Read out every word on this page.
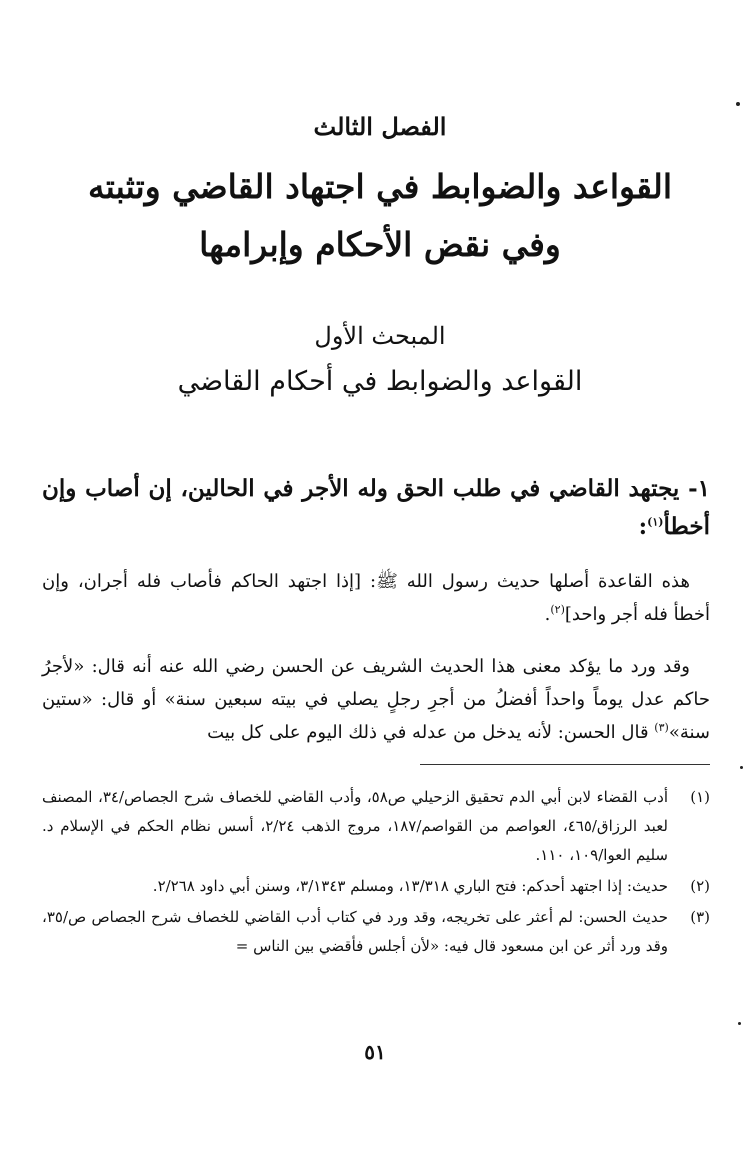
الفصل الثالث
القواعد والضوابط في اجتهاد القاضي وتثبته
وفي نقض الأحكام وإبرامها
المبحث الأول
القواعد والضوابط في أحكام القاضي
١- يجتهد القاضي في طلب الحق وله الأجر في الحالين، إن أصاب وإن أخطأ$^{(١)}$:
هذه القاعدة أصلها حديث رسول الله ﷺ: [إذا اجتهد الحاكم فأصاب فله أجران، وإن أخطأ فله أجر واحد]$^{(٢)}$.
وقد ورد ما يؤكد معنى هذا الحديث الشريف عن الحسن رضي الله عنه أنه قال: «لأجرُ حاكم عدل يوماً واحداً أفضلُ من أجرِ رجلٍ يصلي في بيته سبعين سنة» أو قال: «ستين سنة»$^{(٣)}$ قال الحسن: لأنه يدخل من عدله في ذلك اليوم على كل بيت
(١)
أدب القضاء لابن أبي الدم تحقيق الزحيلي ص٥٨، وأدب القاضي للخصاف شرح الجصاص/٣٤، المصنف لعبد الرزاق/٤٦٥، العواصم من القواصم/١٨٧، مروج الذهب ٢/٢٤، أسس نظام الحكم في الإسلام د. سليم العوا/١٠٩، ١١٠.
(٢)
حديث: إذا اجتهد أحدكم: فتح الباري ١٣/٣١٨، ومسلم ٣/١٣٤٣، وسنن أبي داود ٢/٢٦٨.
(٣)
حديث الحسن: لم أعثر على تخريجه، وقد ورد في كتاب أدب القاضي للخصاف شرح الجصاص ص/٣٥، وقد ورد أثر عن ابن مسعود قال فيه: «لأن أجلس فأقضي بين الناس =
٥١
